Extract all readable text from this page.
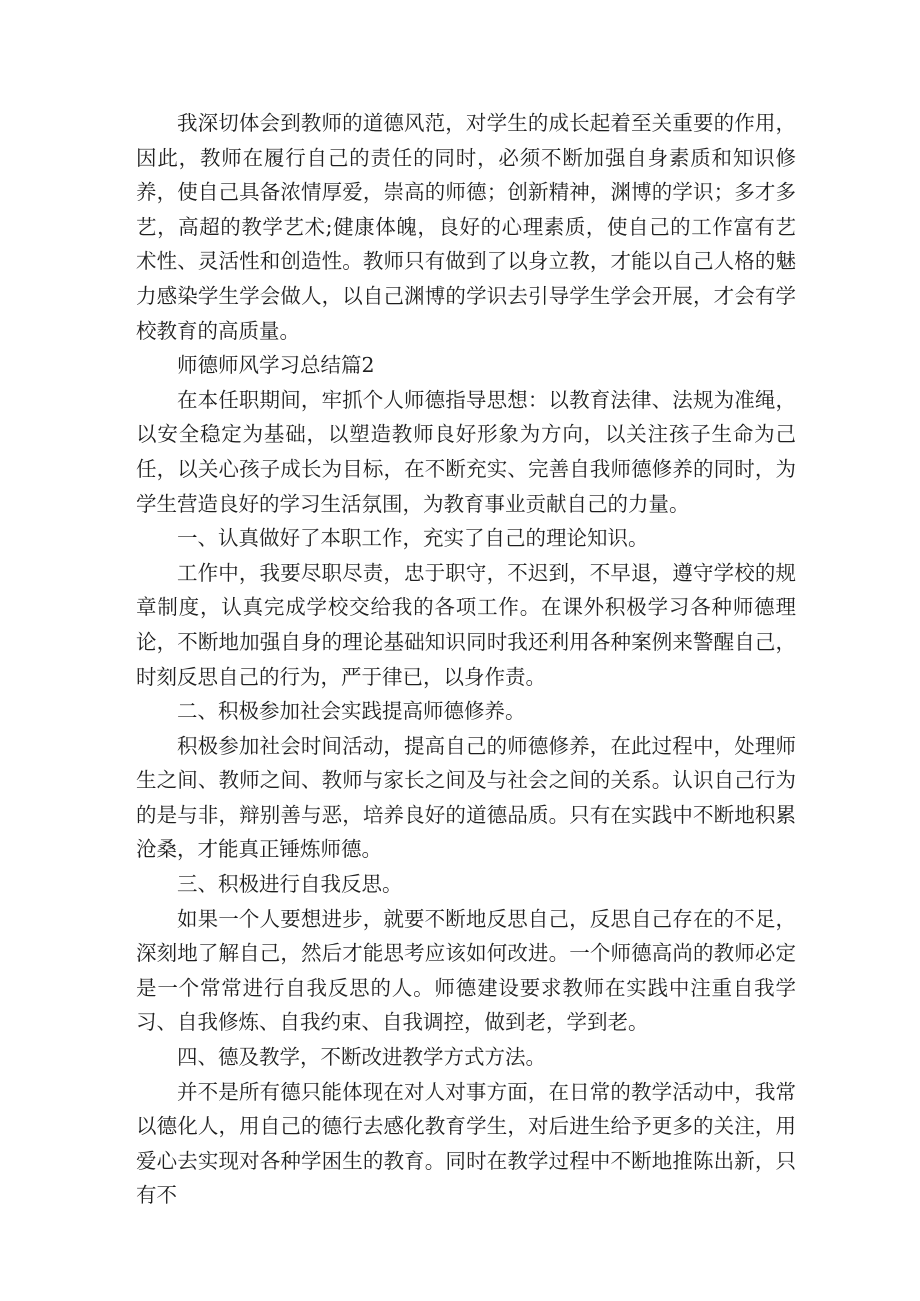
我深切体会到教师的道德风范，对学生的成长起着至关重要的作用，因此，教师在履行自己的责任的同时，必须不断加强自身素质和知识修养，使自己具备浓情厚爱，崇高的师德；创新精神，渊博的学识；多才多艺，高超的教学艺术;健康体魄，良好的心理素质，使自己的工作富有艺术性、灵活性和创造性。教师只有做到了以身立教，才能以自己人格的魅力感染学生学会做人，以自己渊博的学识去引导学生学会开展，才会有学校教育的高质量。

师德师风学习总结篇2

在本任职期间，牢抓个人师德指导思想：以教育法律、法规为准绳，以安全稳定为基础，以塑造教师良好形象为方向，以关注孩子生命为己任，以关心孩子成长为目标，在不断充实、完善自我师德修养的同时，为学生营造良好的学习生活氛围，为教育事业贡献自己的力量。

一、认真做好了本职工作，充实了自己的理论知识。

工作中，我要尽职尽责，忠于职守，不迟到，不早退，遵守学校的规章制度，认真完成学校交给我的各项工作。在课外积极学习各种师德理论，不断地加强自身的理论基础知识同时我还利用各种案例来警醒自己，时刻反思自己的行为，严于律已，以身作责。

二、积极参加社会实践提高师德修养。

积极参加社会时间活动，提高自己的师德修养，在此过程中，处理师生之间、教师之间、教师与家长之间及与社会之间的关系。认识自己行为的是与非，辩别善与恶，培养良好的道德品质。只有在实践中不断地积累沧桑，才能真正锤炼师德。

三、积极进行自我反思。

如果一个人要想进步，就要不断地反思自己，反思自己存在的不足，深刻地了解自己，然后才能思考应该如何改进。一个师德高尚的教师必定是一个常常进行自我反思的人。师德建设要求教师在实践中注重自我学习、自我修炼、自我约束、自我调控，做到老，学到老。

四、德及教学，不断改进教学方式方法。

并不是所有德只能体现在对人对事方面，在日常的教学活动中，我常以德化人，用自己的德行去感化教育学生，对后进生给予更多的关注，用爱心去实现对各种学困生的教育。同时在教学过程中不断地推陈出新，只有不
